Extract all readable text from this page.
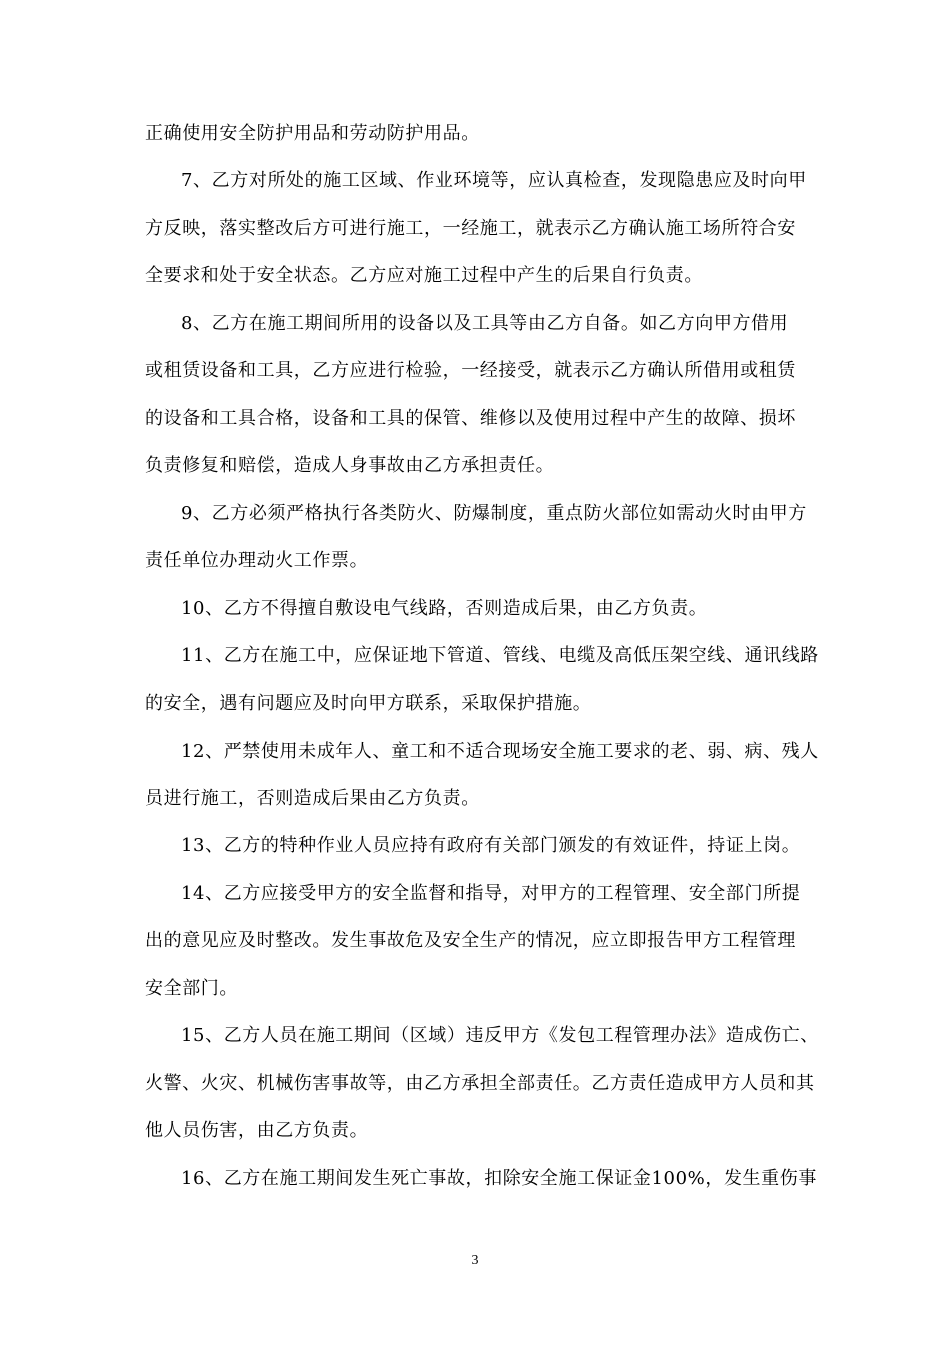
正确使用安全防护用品和劳动防护用品。
7、乙方对所处的施工区域、作业环境等，应认真检查，发现隐患应及时向甲
方反映，落实整改后方可进行施工，一经施工，就表示乙方确认施工场所符合安
全要求和处于安全状态。乙方应对施工过程中产生的后果自行负责。
8、乙方在施工期间所用的设备以及工具等由乙方自备。如乙方向甲方借用
或租赁设备和工具，乙方应进行检验，一经接受，就表示乙方确认所借用或租赁
的设备和工具合格，设备和工具的保管、维修以及使用过程中产生的故障、损坏
负责修复和赔偿，造成人身事故由乙方承担责任。
9、乙方必须严格执行各类防火、防爆制度，重点防火部位如需动火时由甲方
责任单位办理动火工作票。
10、乙方不得擅自敷设电气线路，否则造成后果，由乙方负责。
11、乙方在施工中，应保证地下管道、管线、电缆及高低压架空线、通讯线路
的安全，遇有问题应及时向甲方联系，采取保护措施。
12、严禁使用未成年人、童工和不适合现场安全施工要求的老、弱、病、残人
员进行施工，否则造成后果由乙方负责。
13、乙方的特种作业人员应持有政府有关部门颁发的有效证件，持证上岗。
14、乙方应接受甲方的安全监督和指导，对甲方的工程管理、安全部门所提
出的意见应及时整改。发生事故危及安全生产的情况，应立即报告甲方工程管理
安全部门。
15、乙方人员在施工期间（区域）违反甲方《发包工程管理办法》造成伤亡、
火警、火灾、机械伤害事故等，由乙方承担全部责任。乙方责任造成甲方人员和其
他人员伤害，由乙方负责。
16、乙方在施工期间发生死亡事故，扣除安全施工保证金100%，发生重伤事
3
